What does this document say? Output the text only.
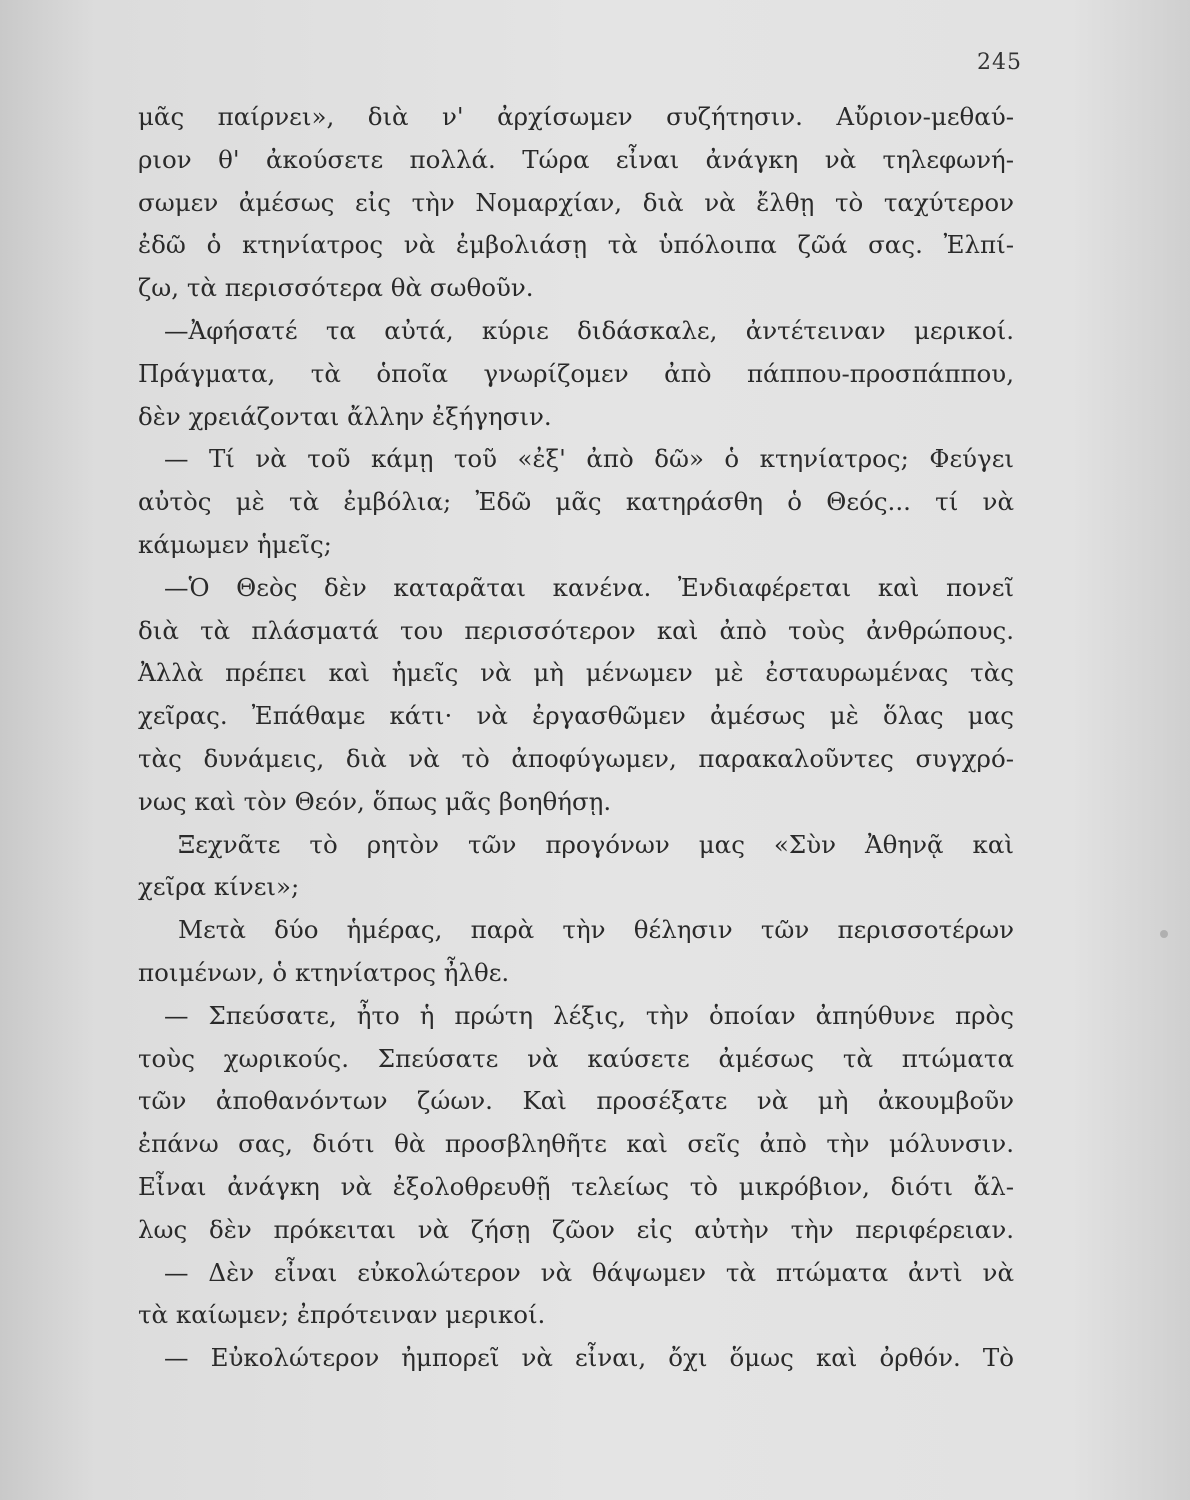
245
μᾶς παίρνει», διὰ ν' ἀρχίσωμεν συζήτησιν. Αὔριον-μεθαύ-
ριον θ' ἀκούσετε πολλά. Τώρα εἶναι ἀνάγκη νὰ τηλεφωνή-
σωμεν ἀμέσως εἰς τὴν Νομαρχίαν, διὰ νὰ ἔλθῃ τὸ ταχύτερον
ἐδῶ ὁ κτηνίατρος νὰ ἐμβολιάσῃ τὰ ὑπόλοιπα ζῶά σας. Ἐλπί-
ζω, τὰ περισσότερα θὰ σωθοῦν.
—Ἀφήσατέ τα αὐτά, κύριε διδάσκαλε, ἀντέτειναν μερικοί.
Πράγματα, τὰ ὁποῖα γνωρίζομεν ἀπὸ πάππου-προσπάππου,
δὲν χρειάζονται ἄλλην ἐξήγησιν.
— Τί νὰ τοῦ κάμῃ τοῦ «ἐξ' ἀπὸ δῶ» ὁ κτηνίατρος; Φεύγει
αὐτὸς μὲ τὰ ἐμβόλια; Ἐδῶ μᾶς κατηράσθη ὁ Θεός... τί νὰ
κάμωμεν ἡμεῖς;
—Ὁ Θεὸς δὲν καταρᾶται κανένα. Ἐνδιαφέρεται καὶ πονεῖ
διὰ τὰ πλάσματά του περισσότερον καὶ ἀπὸ τοὺς ἀνθρώπους.
Ἀλλὰ πρέπει καὶ ἡμεῖς νὰ μὴ μένωμεν μὲ ἐσταυρωμένας τὰς
χεῖρας. Ἐπάθαμε κάτι· νὰ ἐργασθῶμεν ἀμέσως μὲ ὅλας μας
τὰς δυνάμεις, διὰ νὰ τὸ ἀποφύγωμεν, παρακαλοῦντες συγχρό-
νως καὶ τὸν Θεόν, ὅπως μᾶς βοηθήσῃ.
Ξεχνᾶτε τὸ ρητὸν τῶν προγόνων μας «Σὺν Ἀθηνᾷ καὶ
χεῖρα κίνει»;
Μετὰ δύο ἡμέρας, παρὰ τὴν θέλησιν τῶν περισσοτέρων
ποιμένων, ὁ κτηνίατρος ἦλθε.
— Σπεύσατε, ἦτο ἡ πρώτη λέξις, τὴν ὁποίαν ἀπηύθυνε πρὸς
τοὺς χωρικούς. Σπεύσατε νὰ καύσετε ἀμέσως τὰ πτώματα
τῶν ἀποθανόντων ζώων. Καὶ προσέξατε νὰ μὴ ἀκουμβοῦν
ἐπάνω σας, διότι θὰ προσβληθῆτε καὶ σεῖς ἀπὸ τὴν μόλυνσιν.
Εἶναι ἀνάγκη νὰ ἐξολοθρευθῇ τελείως τὸ μικρόβιον, διότι ἄλ-
λως δὲν πρόκειται νὰ ζήσῃ ζῶον εἰς αὐτὴν τὴν περιφέρειαν.
— Δὲν εἶναι εὐκολώτερον νὰ θάψωμεν τὰ πτώματα ἀντὶ νὰ
τὰ καίωμεν; ἐπρότειναν μερικοί.
— Εὐκολώτερον ἠμπορεῖ νὰ εἶναι, ὄχι ὅμως καὶ ὀρθόν. Τὸ
